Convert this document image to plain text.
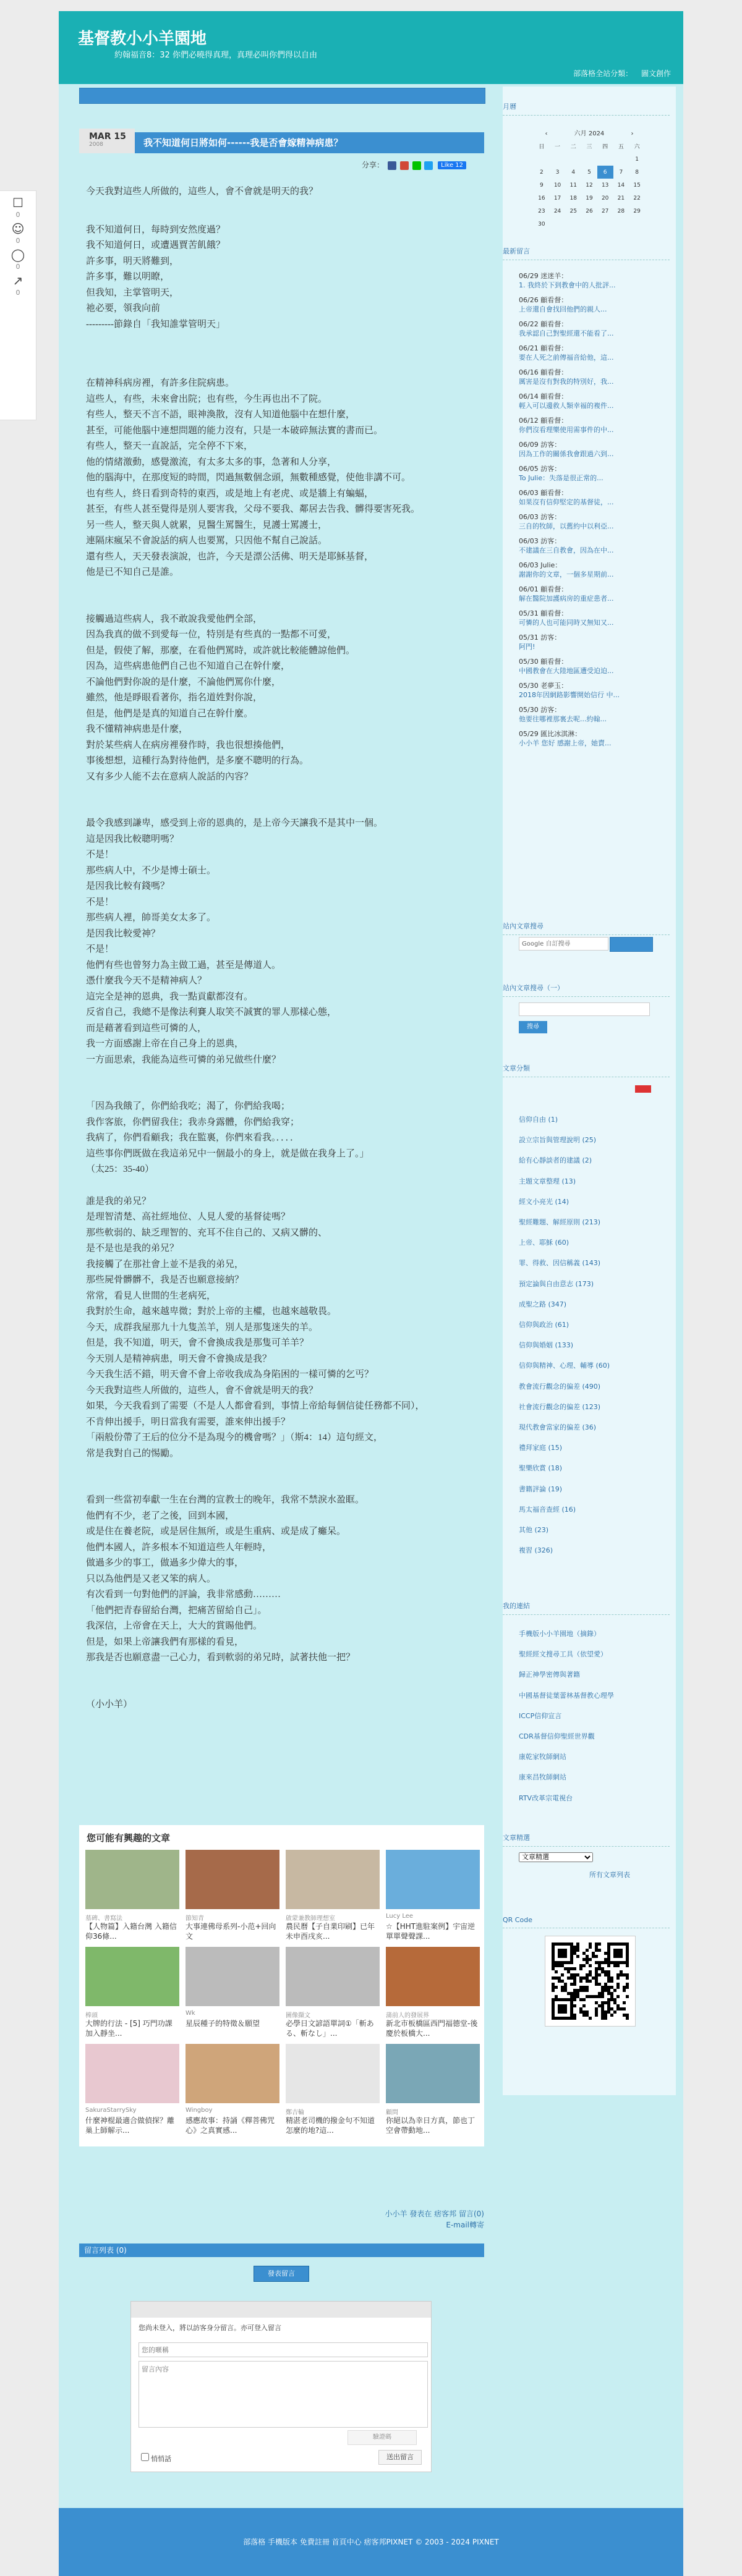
☐
0
☺
0
◯
0
↗
0
基督教小小羊園地
約翰福音8：32 你們必曉得真理，真理必叫你們得以自由
部落格全站分類： 圖文創作
MAR 15
2008	我不知道何日將如何------我是否會嫁精神病患？
分享：	Like 12

今天我對這些人所做的，這些人，會不會就是明天的我？

我不知道何日，每時到安然度過？
我不知道何日，或遭遇賈苦飢餓？
許多事，明天將難到，
許多事，難以明瞭，
但我知，主掌管明天，
祂必要，領我向前
---------節錄自「我知誰掌管明天」

在精神科病房裡，有許多住院病患。
這些人，有些，未來會出院；也有些，今生再也出不了院。
有些人，整天不言不語，眼神渙散，沒有人知道他腦中在想什麼，
甚至，可能他腦中連想問題的能力沒有，只是一本破碎無法實的書而已。
有些人，整天一直說話，完全停不下來，
他的情緒激動，感覺激流，有太多太多的事，急著和人分享，
他的腦海中，在那度短的時間，閃過無數個念頭，無數種感覺，使他非講不可。
也有些人，終日看到奇特的東西，或是地上有老虎、或是牆上有蝙蝠，
甚至，有些人甚至覺得是別人要害我，父母不要我、鄰居去告我、髒得要害死我。
另一些人，整天與人就累，見醫生罵醫生，見護士罵護士，
連隔床瘋呆不會說話的病人也要罵，只因他不幫自己說話。
還有些人，天天發表演說，也許，今天是漂公活佛、明天是耶穌基督，
他是已不知自己是誰。

接觸過這些病人，我不敢說我愛他們全部，
因為我真的做不到愛每一位，特別是有些真的一點都不可愛，
但是，假使了解，那麼，在看他們罵時，或許就比較能體諒他們。
因為，這些病患他們自己也不知道自己在幹什麼，
不論他們對你說的是什麼，不論他們罵你什麼，
雖然，他是睜眼看著你，指名道姓對你說，
但是，他們是是真的知道自己在幹什麼。
我不懂精神病患是什麼，
對於某些病人在病房裡發作時，我也很想揍他們，
事後想想，這種行為對待他們，是多麼不聰明的行為。
又有多少人能不去在意病人說話的內容？

最令我感到謙卑，感受到上帝的恩典的，是上帝今天讓我不是其中一個。
這是因我比較聰明嗎？
不是！
那些病人中，不少是博士碩士。
是因我比較有錢嗎？
不是！
那些病人裡，帥哥美女太多了。
是因我比較愛神？
不是！
他們有些也曾努力為主做工過，甚至是傳道人。
憑什麼我今天不是精神病人？
這完全是神的恩典，我一點貢獻都沒有。
反省自己，我總不是像法利賽人取笑不誠實的罪人那樣心態，
而是藉著看到這些可憐的人，
我一方面感謝上帝在自己身上的恩典，
一方面思索，我能為這些可憐的弟兄做些什麼？

「因為我餓了，你們給我吃；渴了，你們給我喝；
我作客旅，你們留我住；我赤身露體，你們給我穿；
我病了，你們看顧我；我在監裏，你們來看我。．．．．
這些事你們既做在我這弟兄中一個最小的身上，就是做在我身上了。」
（太25：35-40）

誰是我的弟兄？
是理智清楚、高社經地位、人見人愛的基督徒嗎？
那些軟弱的、缺乏理智的、充耳不住自己的、又病又髒的、
是不是也是我的弟兄？
我接觸了在那社會上並不是我的弟兄，
那些屍骨髒髒不，我是否也願意接納？
常常，看見人世間的生老病死，
我對於生命，越來越卑微；對於上帝的主權，也越來越敬畏。
今天，成群我屋那九十九隻羔羊，別人是那隻迷失的羊。
但是，我不知道，明天，會不會換成我是那隻可羊羊？
今天別人是精神病患，明天會不會換成是我？
今天我生活不錯，明天會不會上帝收我成為身陷困的一樣可憐的乞丐？
今天我對這些人所做的，這些人，會不會就是明天的我？
如果，今天我看到了需要（不是人人都會看到，事情上帝給每個信徒任務都不同），
不肯伸出援手，明日當我有需要，誰來伸出援手？
「兩般份帶了王后的位分不是為現今的機會嗎？」（斯4：14）這句經文，
常是我對自己的惕勵。

看到一些當初奉獻一生在台灣的宣教士的晚年，我常不禁淚水盈眶。
他們有不少，老了之後，回到本國，
或是住在養老院，或是居住無所，或是生重病、或是成了癱呆。
他們本國人，許多根本不知道這些人年輕時，
做過多少的事工，做過多少偉大的事，
只以為他們是又老又笨的病人。
有次看到一句對他們的評論，我非常感動………
「他們把青春留給台灣，把痛苦留給自己」。
我深信，上帝會在天上，大大的賞賜他們。
但是，如果上帝讓我們有那樣的看見，
那我是否也願意盡一己心力，看到軟弱的弟兄時，試著扶他一把？

（小小羊）

您可能有興趣的文章
墓碑、書寫法
【人物篇】入籍台灣 入籍信仰36條...
節知青
大事連佛母系列-小范+回向文
啟蒙兼教師理想室
農民曆【子自業印刷】已年未申酉戌亥...
Lucy Lee
☆【HHT進駐案例】宇宙逆單單聲聲課...
棒頭
大牌的行法 - [5] 巧門功課加入靜坐...
Wk
星辰種子的特徵＆願望
圖像擷文
必學日文諺語單詞①「斬ある、斬なし」...
蒲前人的發展界
新北市板橋區西門福德堂-後慶於板橋大...
SakuraStarrySky
什麼神棍最適合做偵探？離巢上師解示...
Wingboy
感應故事：持誦《釋菩佛咒心》之真實感...
鄭吉輪
精湛老司機的撥金句不知道怎麼的地?這...
顧問
你絕以為幸日方真，節也丁空會帶動地...
小小羊 發表在 痞客邦 留言(0)
E-mail轉寄
留言列表 (0)
發表留言
您尚未登入，將以訪客身分留言。亦可登入留言
您的暱稱
留言內容
驗證碼
悄悄話	送出留言

月曆

‹	六月 2024	›
日	一	二	三	四	五	六
						1
2	3	4	5	6	7	8
9	10	11	12	13	14	15
16	17	18	19	20	21	22
23	24	25	26	27	28	29
30						

最新留言

06/29 迷迷羊：
1. 我終於下到教會中的人批評...
06/26 顧看督：
上帝還自會找回他們的親人...
06/22 顧看督：
我承認自己對聖經還不能看了...
06/21 顧看督：
要在人死之前傳福音給他，這...
06/16 顧看督：
厲害是沒有對我的特別好，我...
06/14 顧看督：
輕入可以邊救人類幸福的複件...
06/12 顧看督：
你們沒看理樂使用需事件的中...
06/09 訪客：
因為工作的關係我會跟過六到...
06/05 訪客：
To Julie：失落是很正常的...
06/03 顧看督：
如果沒有信仰堅定的基督徒，...
06/03 訪客：
三自的牧師，以舊約中以利亞...
06/03 訪客：
不建議在三自教會，因為在中...
06/03 Julie：
謝謝你的文章，一個多星期前...
06/01 顧看督：
解在醫院加護病房的重症患者...
05/31 顧看督：
可憐的人也可能同時又無知又...
05/31 訪客：
阿門!
05/30 顧看督：
中國教會在大陸地區遭受迫迫...
05/30 老夢玉：
2018年因網路影響開始信行 中...
05/30 訪客：
他要往哪裡那裏去呢...約翰...
05/29 匯比冰淇淋：
小小羊 您好 感謝上帝，她賣...

站內文章搜尋

Google 自訂搜尋

站內文章搜尋（一）

搜尋

文章分類

信仰自由 (1)
設立宗旨與管理說明 (25)
給有心靜談者的建議 (2)
主題文章整理 (13)
經文小亮光 (14)
聖經難題、解經原則 (213)
上帝、耶穌 (60)
罪、得救、因信稱義 (143)
預定論與自由意志 (173)
成聖之路 (347)
信仰與政治 (61)
信仰與婚姻 (133)
信仰與精神、心理、輔導 (60)
教會流行觀念的偏差 (490)
社會流行觀念的偏差 (123)
現代教會當家的偏差 (36)
禮拜家庭 (15)
聖樂欣賞 (18)
書籍評論 (19)
馬太福音查經 (16)
其他 (23)
複習 (326)

我的連結

手機版小小羊園地（摘錄）
聖經經文搜尋工具（依望愛）
歸正神學密傳與著籍
中國基督徒葉蕾林基督教心理學
ICCP信仰宣言
CDR基督信仰聖經世界觀
康乾家牧師網站
康來昌牧師網站
RTV改革宗電視台

文章精選

文章精選
所有文章列表

QR Code

部落格 手機版本 免費註冊 首頁中心 痞客邦PIXNET © 2003 - 2024 PIXNET
